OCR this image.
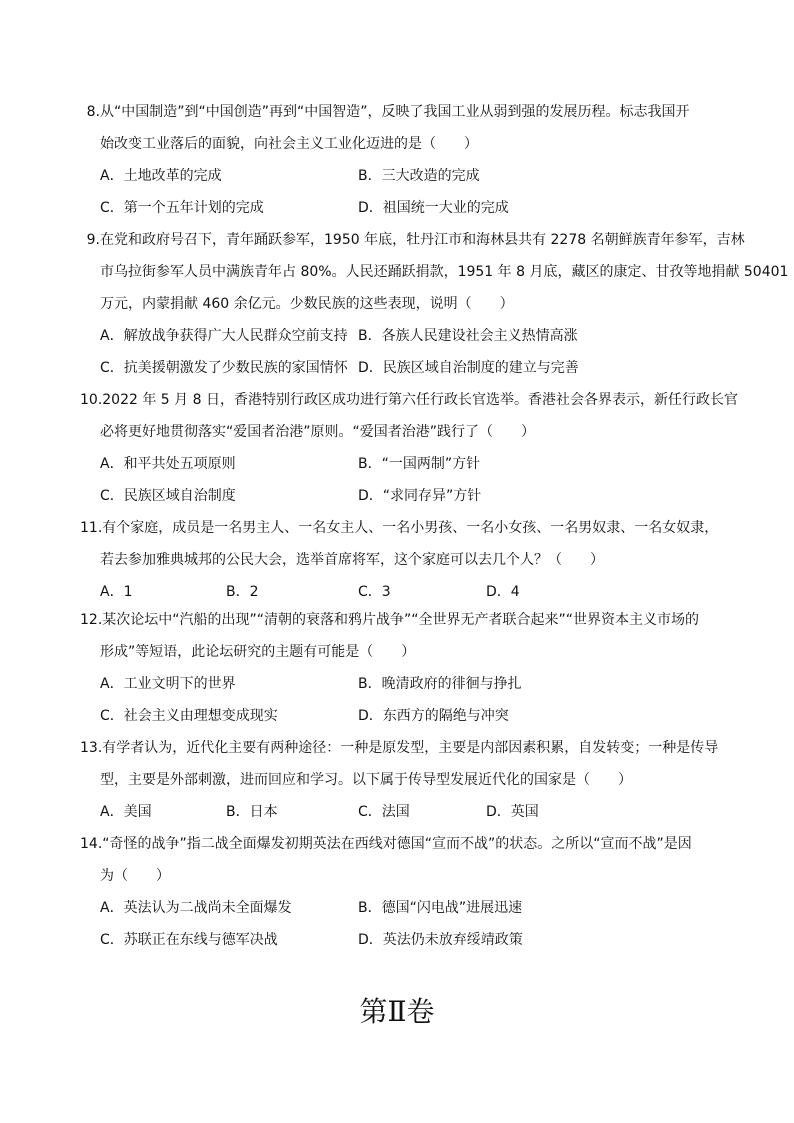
8.从“中国制造”到“中国创造”再到“中国智造”，反映了我国工业从弱到强的发展历程。标志我国开
始改变工业落后的面貌，向社会主义工业化迈进的是（　　）
A．土地改革的完成	B．三大改造的完成
C．第一个五年计划的完成	D．祖国统一大业的完成
9.在党和政府号召下，青年踊跃参军，1950 年底，牡丹江市和海林县共有 2278 名朝鲜族青年参军，吉林
市乌拉街参军人员中满族青年占 80%。人民还踊跃捐款，1951 年 8 月底，藏区的康定、甘孜等地捐献 50401
万元，内蒙捐献 460 余亿元。少数民族的这些表现，说明（　　）
A．解放战争获得广大人民群众空前支持 B．各族人民建设社会主义热情高涨
C．抗美援朝激发了少数民族的家国情怀 D．民族区域自治制度的建立与完善
10.2022 年 5 月 8 日，香港特别行政区成功进行第六任行政长官选举。香港社会各界表示，新任行政长官
必将更好地贯彻落实“爱国者治港”原则。“爱国者治港”践行了（　　）
A．和平共处五项原则	B．“一国两制”方针
C．民族区域自治制度	D．“求同存异”方针
11.有个家庭，成员是一名男主人、一名女主人、一名小男孩、一名小女孩、一名男奴隶、一名女奴隶，
若去参加雅典城邦的公民大会，选举首席将军，这个家庭可以去几个人？（　　）
A．1	B．2	C．3	D．4
12.某次论坛中“汽船的出现”“清朝的衰落和鸦片战争”“全世界无产者联合起来”“世界资本主义市场的
形成”等短语，此论坛研究的主题有可能是（　　）
A．工业文明下的世界	B．晚清政府的徘徊与挣扎
C．社会主义由理想变成现实	D．东西方的隔绝与冲突
13.有学者认为，近代化主要有两种途径：一种是原发型，主要是内部因素积累，自发转变；一种是传导
型，主要是外部刺激，进而回应和学习。以下属于传导型发展近代化的国家是（　　）
A．美国	B．日本	C．法国	D．英国
14.“奇怪的战争”指二战全面爆发初期英法在西线对德国“宣而不战”的状态。之所以“宣而不战”是因
为（　　）
A．英法认为二战尚未全面爆发	B．德国“闪电战”进展迅速
C．苏联正在东线与德军决战	D．英法仍未放弃绥靖政策
第Ⅱ卷
